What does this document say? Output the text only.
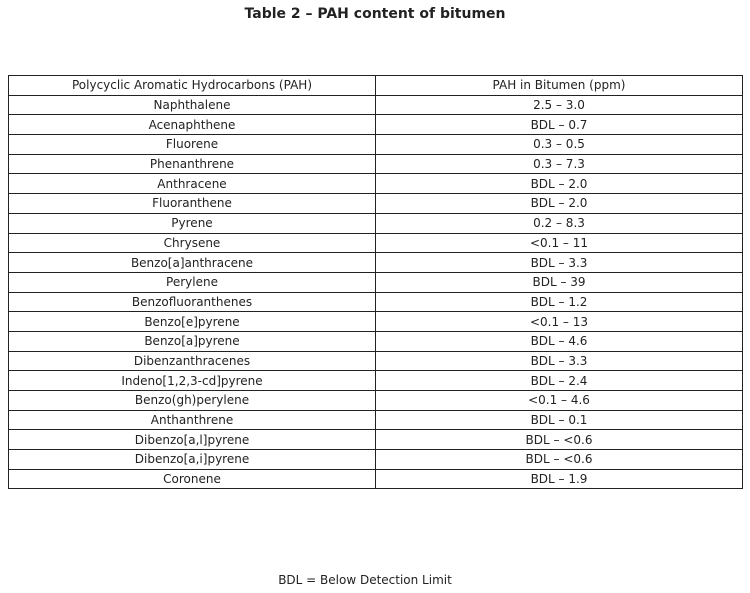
Table 2 – PAH content of bitumen
Polycyclic Aromatic Hydrocarbons (PAH)	PAH in Bitumen (ppm)
Naphthalene	2.5 – 3.0
Acenaphthene	BDL – 0.7
Fluorene	0.3 – 0.5
Phenanthrene	0.3 – 7.3
Anthracene	BDL – 2.0
Fluoranthene	BDL – 2.0
Pyrene	0.2 – 8.3
Chrysene	<0.1 – 11
Benzo[a]anthracene	BDL – 3.3
Perylene	BDL – 39
Benzofluoranthenes	BDL – 1.2
Benzo[e]pyrene	<0.1 – 13
Benzo[a]pyrene	BDL – 4.6
Dibenzanthracenes	BDL – 3.3
Indeno[1,2,3-cd]pyrene	BDL – 2.4
Benzo(gh)perylene	<0.1 – 4.6
Anthanthrene	BDL – 0.1
Dibenzo[a,l]pyrene	BDL – <0.6
Dibenzo[a,i]pyrene	BDL – <0.6
Coronene	BDL – 1.9
BDL = Below Detection Limit
